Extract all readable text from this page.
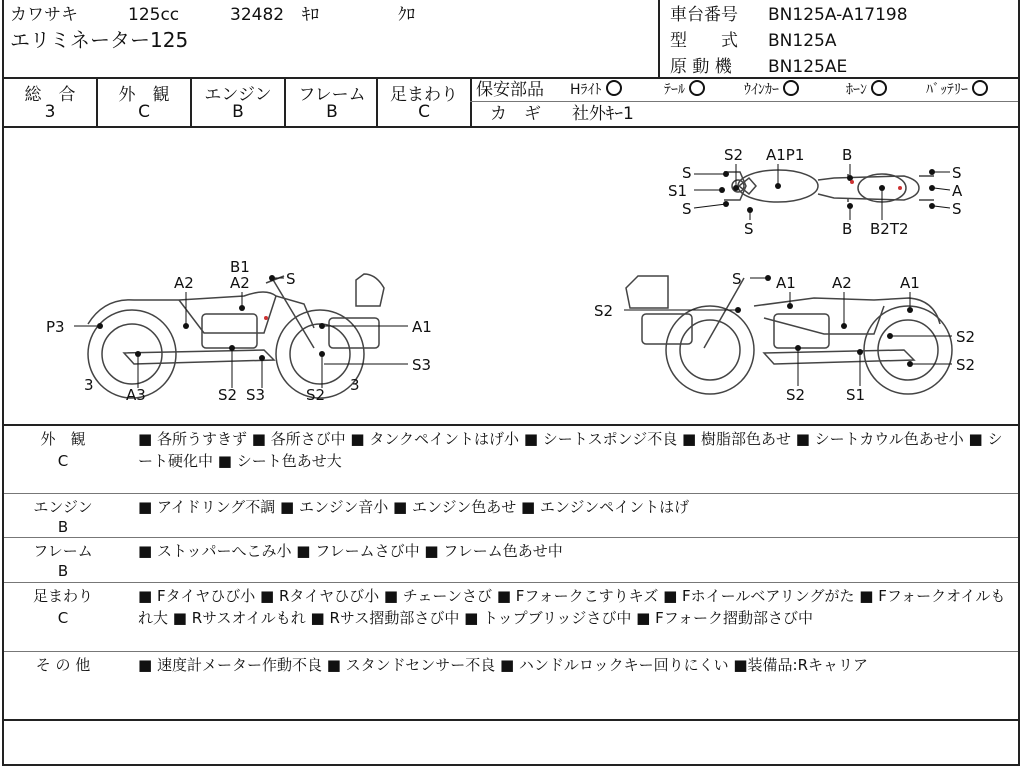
カワサキ	125cc	32482 ｷﾛ	ｸﾛ
エリミネーター125
車台番号 BN125A-A17198
型　　式 BN125A
原 動 機 BN125AE
総　合
3
外　観
C
エンジン
B
フレーム
B
足まわり
C
保安部品 Hﾗｲﾄ	ﾃｰﾙ	ｳｲﾝｶｰ	ﾎｰﾝ	ﾊﾞｯﾃﾘｰ
カ　ギ 社外ｷｰ1
S2 A1P1	B
S
S1
S
S
S
A
S
B B2T2
B1
A2	S
A2
P3	A1
S3
3
A3	S2 S3	S2
3
S A1 A2	A1
S2
S2
S2
S2	S1
外　観
C
■ 各所うすきず ■ 各所さび中 ■ タンクペイントはげ小 ■ シートスポンジ不良 ■ 樹脂部色あせ ■ シートカウル色あせ小 ■ シート硬化中 ■ シート色あせ大
エンジン
B
■ アイドリング不調 ■ エンジン音小 ■ エンジン色あせ ■ エンジンペイントはげ
フレーム
B
■ ストッパーへこみ小 ■ フレームさび中 ■ フレーム色あせ中
足まわり
C
■ Fタイヤひび小 ■ Rタイヤひび小 ■ チェーンさび ■ Fフォークこすりキズ ■ Fホイールベアリングがた ■ Fフォークオイルもれ大 ■ Rサスオイルもれ ■ Rサス摺動部さび中 ■ トップブリッジさび中 ■ Fフォーク摺動部さび中
そ の 他	■ 速度計メーター作動不良 ■ スタンドセンサー不良 ■ ハンドルロックキー回りにくい ■装備品:Rキャリア
